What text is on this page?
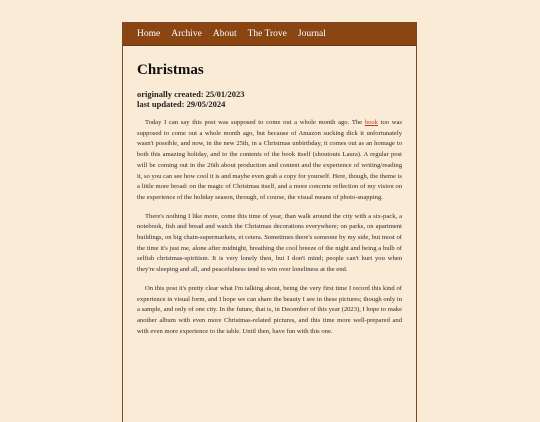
Home Archive About The Trove Journal
Christmas
originally created: 25/01/2023
last updated: 29/05/2024

Today I can say this post was supposed to come out a whole month ago. The book too was supposed to come out a whole month ago, but because of Amazon sucking dick it unfortunately wasn't possible, and now, in the new 25th, in a Christmas unbirthday, it comes out as an homage to both this amazing holiday, and to the contents of the book itself (shoutouts Laura). A regular post will be coming out in the 26th about production and content and the experience of writing/reading it, so you can see how cool it is and maybe even grab a copy for yourself. Here, though, the theme is a little more broad: on the magic of Christmas itself, and a more concrete reflection of my vision on the experience of the holiday season, through, of course, the visual means of photo-snapping.

There's nothing I like more, come this time of year, than walk around the city with a six-pack, a notebook, fish and bread and watch the Christmas decorations everywhere; on parks, on apartment buildings, on big chain-supermarkets, et cetera. Sometimes there's someone by my side, but most of the time it's just me, alone after midnight, breathing the cool breeze of the night and being a bulb of selfish christmas-spiritism. It is very lonely then, but I don't mind; people can't hurt you when they're sleeping and all, and peacefulness tend to win over loneliness at the end.

On this post it's pretty clear what I'm talking about, being the very first time I record this kind of experience in visual form, and I hope we can share the beauty I see in these pictures; though only in a sample, and only of one city. In the future, that is, in December of this year (2023), I hope to make another album with even more Christmas-related pictures, and this time more well-prepared and with even more experience to the table. Until then, have fun with this one.
